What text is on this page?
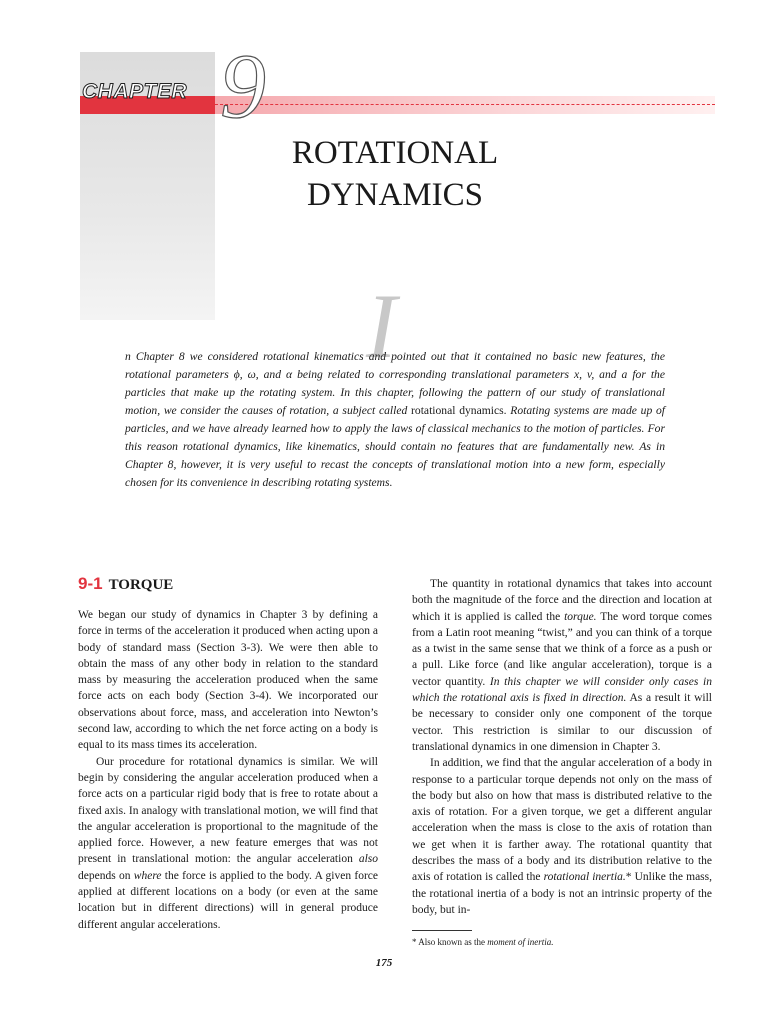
CHAPTER 9
ROTATIONAL
DYNAMICS
I
n Chapter 8 we considered rotational kinematics and pointed out that it contained no basic new features, the rotational parameters ϕ, ω, and α being related to corresponding translational parameters x, v, and a for the particles that make up the rotating system. In this chapter, following the pattern of our study of translational motion, we consider the causes of rotation, a subject called rotational dynamics. Rotating systems are made up of particles, and we have already learned how to apply the laws of classical mechanics to the motion of particles. For this reason rotational dynamics, like kinematics, should contain no features that are fundamentally new. As in Chapter 8, however, it is very useful to recast the concepts of translational motion into a new form, especially chosen for its convenience in describing rotating systems.
9-1 TORQUE

We began our study of dynamics in Chapter 3 by defining a force in terms of the acceleration it produced when acting upon a body of standard mass (Section 3-3). We were then able to obtain the mass of any other body in relation to the standard mass by measuring the acceleration produced when the same force acts on each body (Section 3-4). We incorporated our observations about force, mass, and acceleration into Newton’s second law, according to which the net force acting on a body is equal to its mass times its acceleration.

Our procedure for rotational dynamics is similar. We will begin by considering the angular acceleration produced when a force acts on a particular rigid body that is free to rotate about a fixed axis. In analogy with translational motion, we will find that the angular acceleration is proportional to the magnitude of the applied force. However, a new feature emerges that was not present in translational motion: the angular acceleration also depends on where the force is applied to the body. A given force applied at different locations on a body (or even at the same location but in different directions) will in general produce different angular accelerations.

The quantity in rotational dynamics that takes into account both the magnitude of the force and the direction and location at which it is applied is called the torque. The word torque comes from a Latin root meaning “twist,” and you can think of a torque as a twist in the same sense that we think of a force as a push or a pull. Like force (and like angular acceleration), torque is a vector quantity. In this chapter we will consider only cases in which the rotational axis is fixed in direction. As a result it will be necessary to consider only one component of the torque vector. This restriction is similar to our discussion of translational dynamics in one dimension in Chapter 3.

In addition, we find that the angular acceleration of a body in response to a particular torque depends not only on the mass of the body but also on how that mass is distributed relative to the axis of rotation. For a given torque, we get a different angular acceleration when the mass is close to the axis of rotation than we get when it is farther away. The rotational quantity that describes the mass of a body and its distribution relative to the axis of rotation is called the rotational inertia.* Unlike the mass, the rotational inertia of a body is not an intrinsic property of the body, but in-

* Also known as the moment of inertia.
175
